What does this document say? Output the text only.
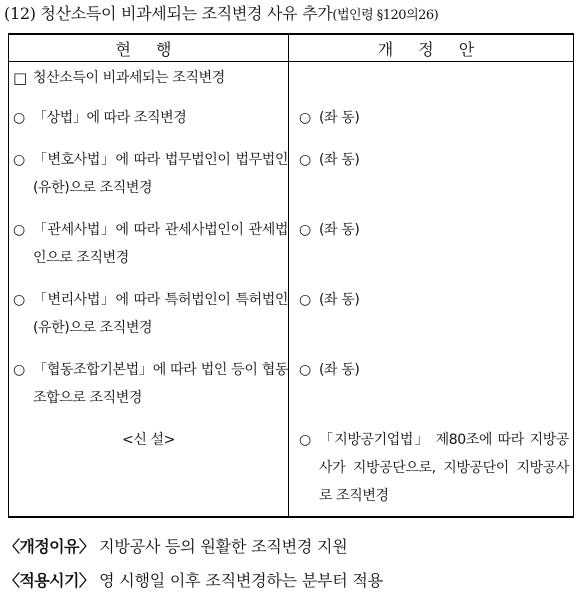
(12) 청산소득이 비과세되는 조직변경 사유 추가(법인령 §120의26)
현 행	개 정 안

□ 청산소득이 비과세되는 조직변경	

○ 「상법」에 따라 조직변경	○ (좌 동)

○ 「변호사법」에 따라 법무법인이 법무법인(유한)으로 조직변경	○ (좌 동)

○ 「관세사법」에 따라 관세사법인이 관세법인으로 조직변경	○ (좌 동)

○ 「변리사법」에 따라 특허법인이 특허법인(유한)으로 조직변경	○ (좌 동)

○ 「협동조합기본법」에 따라 법인 등이 협동조합으로 조직변경	○ (좌 동)

<신 설>	○ 「지방공기업법」 제80조에 따라 지방공사가 지방공단으로, 지방공단이 지방공사로 조직변경
〈개정이유〉 지방공사 등의 원활한 조직변경 지원
〈적용시기〉 영 시행일 이후 조직변경하는 분부터 적용
